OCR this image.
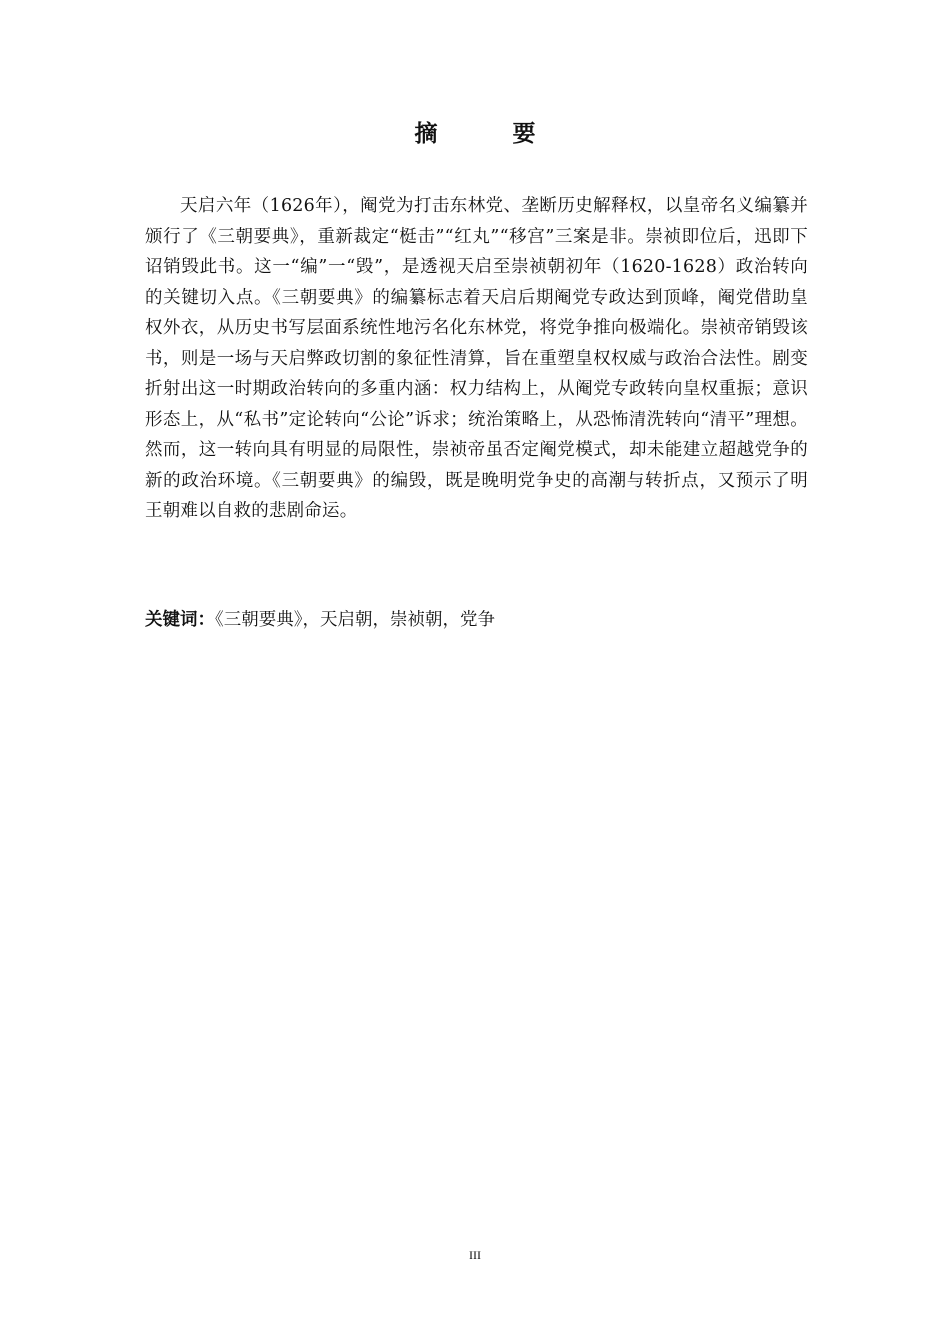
摘　要

天启六年（1626年），阉党为打击东林党、垄断历史解释权，以皇帝名义编纂并颁行了《三朝要典》，重新裁定“梃击”“红丸”“移宫”三案是非。崇祯即位后，迅即下诏销毁此书。这一“编”一“毁”，是透视天启至崇祯朝初年（1620-1628）政治转向的关键切入点。《三朝要典》的编纂标志着天启后期阉党专政达到顶峰，阉党借助皇权外衣，从历史书写层面系统性地污名化东林党，将党争推向极端化。崇祯帝销毁该书，则是一场与天启弊政切割的象征性清算，旨在重塑皇权权威与政治合法性。剧变折射出这一时期政治转向的多重内涵：权力结构上，从阉党专政转向皇权重振；意识形态上，从“私书”定论转向“公论”诉求；统治策略上，从恐怖清洗转向“清平”理想。然而，这一转向具有明显的局限性，崇祯帝虽否定阉党模式，却未能建立超越党争的新的政治环境。《三朝要典》的编毁，既是晚明党争史的高潮与转折点，又预示了明王朝难以自救的悲剧命运。

关键词：《三朝要典》，天启朝，崇祯朝，党争
III
